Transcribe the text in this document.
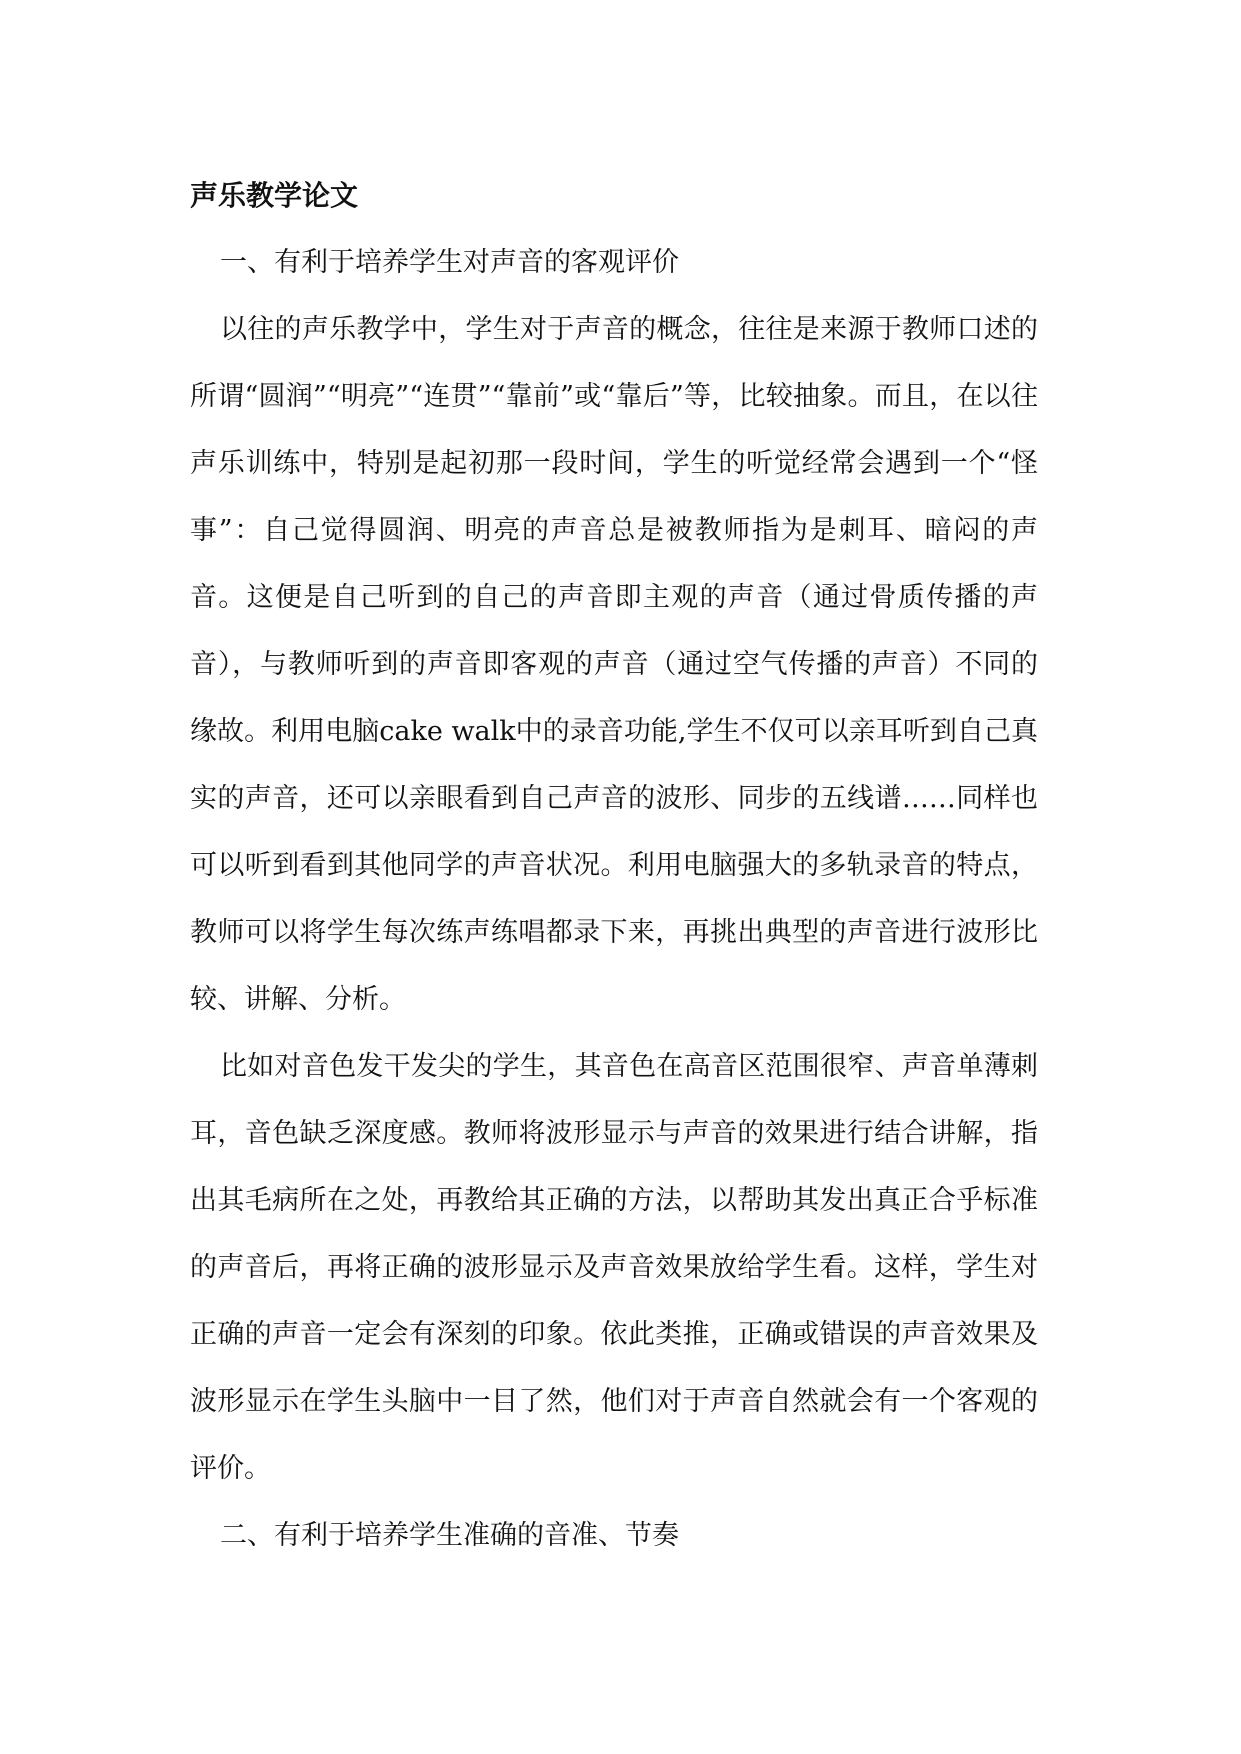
声乐教学论文

一、有利于培养学生对声音的客观评价

以往的声乐教学中，学生对于声音的概念，往往是来源于教师口述的所谓“圆润”“明亮”“连贯”“靠前”或“靠后”等，比较抽象。而且，在以往声乐训练中，特别是起初那一段时间，学生的听觉经常会遇到一个“怪事”：自己觉得圆润、明亮的声音总是被教师指为是刺耳、暗闷的声音。这便是自己听到的自己的声音即主观的声音（通过骨质传播的声音），与教师听到的声音即客观的声音（通过空气传播的声音）不同的缘故。利用电脑cake walk中的录音功能,学生不仅可以亲耳听到自己真实的声音，还可以亲眼看到自己声音的波形、同步的五线谱……同样也可以听到看到其他同学的声音状况。利用电脑强大的多轨录音的特点，教师可以将学生每次练声练唱都录下来，再挑出典型的声音进行波形比较、讲解、分析。

比如对音色发干发尖的学生，其音色在高音区范围很窄、声音单薄刺耳，音色缺乏深度感。教师将波形显示与声音的效果进行结合讲解，指出其毛病所在之处，再教给其正确的方法，以帮助其发出真正合乎标准的声音后，再将正确的波形显示及声音效果放给学生看。这样，学生对正确的声音一定会有深刻的印象。依此类推，正确或错误的声音效果及波形显示在学生头脑中一目了然，他们对于声音自然就会有一个客观的评价。

二、有利于培养学生准确的音准、节奏
